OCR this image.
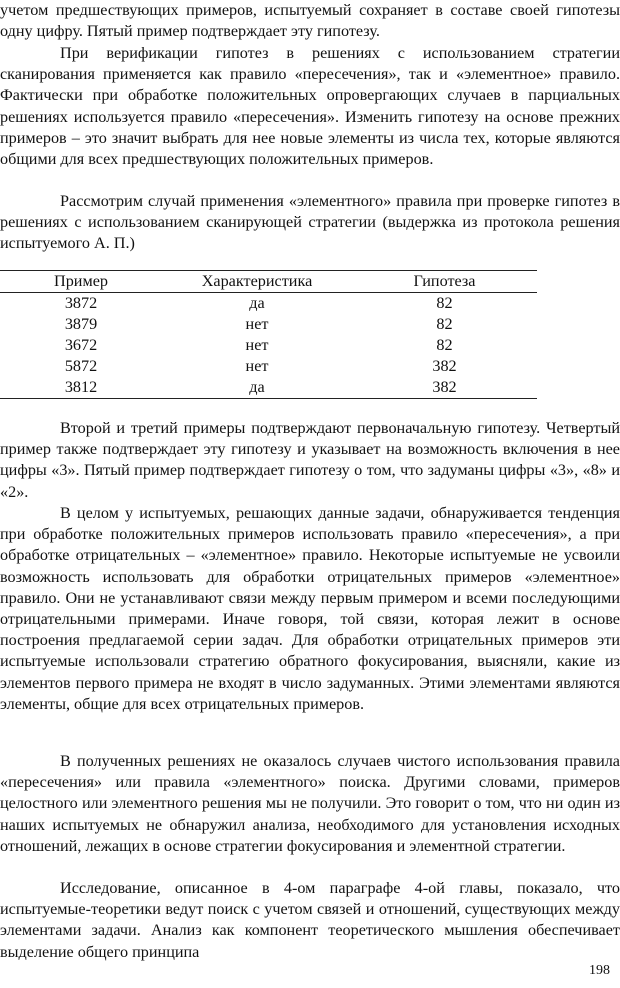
учетом предшествующих примеров, испытуемый сохраняет в составе своей гипотезы одну цифру. Пятый пример подтверждает эту гипотезу.

При верификации гипотез в решениях с использованием стратегии сканирования применяется как правило «пересечения», так и «элементное» правило. Фактически при обработке положительных опровергающих случаев в парциальных решениях используется правило «пересечения». Изменить гипотезу на основе прежних примеров – это значит выбрать для нее новые элементы из числа тех, которые являются общими для всех предшествующих положительных примеров.

Рассмотрим случай применения «элементного» правила при проверке гипотез в решениях с использованием сканирующей стратегии (выдержка из протокола решения испытуемого А. П.)

Пример	Характеристика	Гипотеза
3872	да	82
3879	нет	82
3672	нет	82
5872	нет	382
3812	да	382

Второй и третий примеры подтверждают первоначальную гипотезу. Четвертый пример также подтверждает эту гипотезу и указывает на возможность включения в нее цифры «3». Пятый пример подтверждает гипотезу о том, что задуманы цифры «3», «8» и «2».

В целом у испытуемых, решающих данные задачи, обнаруживается тенденция при обработке положительных примеров использовать правило «пересечения», а при обработке отрицательных – «элементное» правило. Некоторые испытуемые не усвоили возможность использовать для обработки отрицательных примеров «элементное» правило. Они не устанавливают связи между первым примером и всеми последующими отрицательными примерами. Иначе говоря, той связи, которая лежит в основе построения предлагаемой серии задач. Для обработки отрицательных примеров эти испытуемые использовали стратегию обратного фокусирования, выясняли, какие из элементов первого примера не входят в число задуманных. Этими элементами являются элементы, общие для всех отрицательных примеров.

В полученных решениях не оказалось случаев чистого использования правила «пересечения» или правила «элементного» поиска. Другими словами, примеров целостного или элементного решения мы не получили. Это говорит о том, что ни один из наших испытуемых не обнаружил анализа, необходимого для установления исходных отношений, лежащих в основе стратегии фокусирования и элементной стратегии.

Исследование, описанное в 4-ом параграфе 4-ой главы, показало, что испытуемые-теоретики ведут поиск с учетом связей и отношений, существующих между элементами задачи. Анализ как компонент теоретического мышления обеспечивает выделение общего принципа

198
